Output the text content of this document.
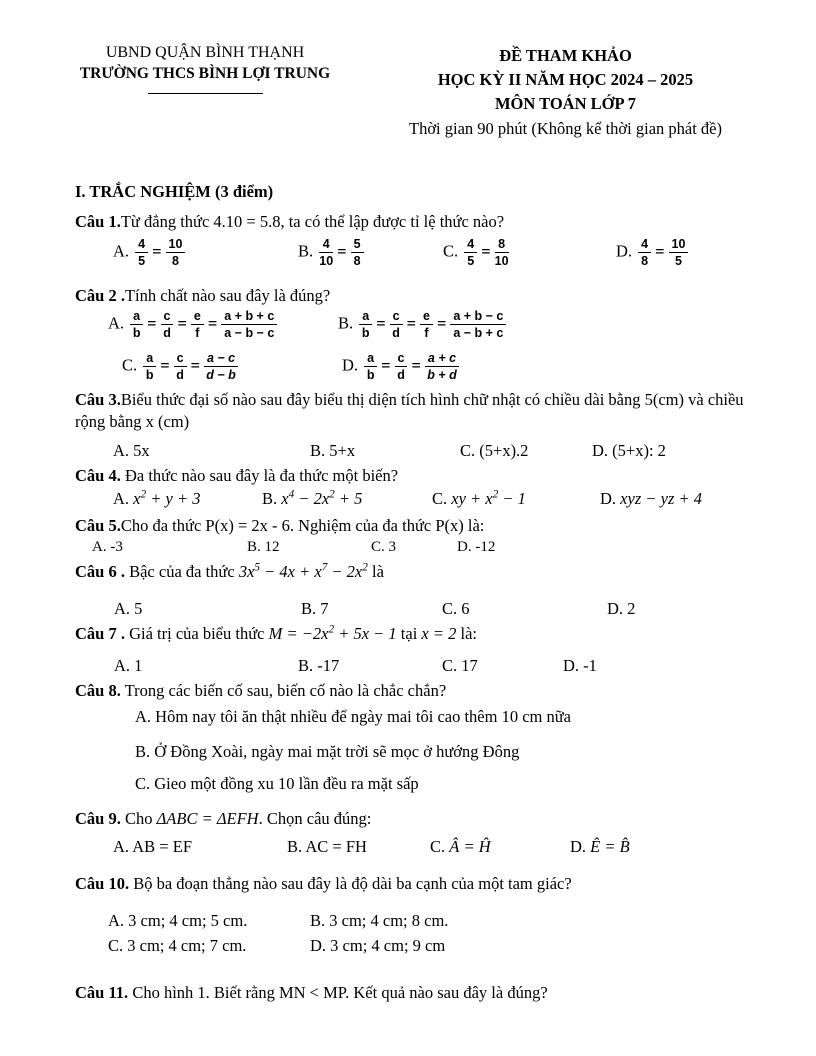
UBND QUẬN BÌNH THẠNH
TRƯỜNG THCS BÌNH LỢI TRUNG
ĐỀ THAM KHẢO
HỌC KỲ II NĂM HỌC 2024 – 2025
MÔN TOÁN LỚP 7
Thời gian 90 phút (Không kể thời gian phát đề)
I. TRẮC NGHIỆM (3 điểm)

Câu 1.Từ đẳng thức 4.10 = 5.8, ta có thể lập được tỉ lệ thức nào?

A. $\frac{4}{5} = \frac{10}{8}$	B. $\frac{4}{10} = \frac{5}{8}$	C. $\frac{4}{5} = \frac{8}{10}$	D. $\frac{4}{8} = \frac{10}{5}$

Câu 2 .Tính chất nào sau đây là đúng?

A. $\frac{a}{b} = \frac{c}{d} = \frac{e}{f} = \frac{a + b + c}{a - b - c}$	B. $\frac{a}{b} = \frac{c}{d} = \frac{e}{f} = \frac{a + b - c}{a - b + c}$
C. $\frac{a}{b} = \frac{c}{d} = \frac{a - c}{d - b}$	D. $\frac{a}{b} = \frac{c}{d} = \frac{a + c}{b + d}$

Câu 3.Biểu thức đại số nào sau đây biểu thị diện tích hình chữ nhật có chiều dài bằng 5(cm) và chiều rộng bằng x (cm)

A. 5x	B. 5+x	C. (5+x).2	D. (5+x): 2

Câu 4. Đa thức nào sau đây là đa thức một biến?

A. $x^2 + y + 3$	B. $x^4 - 2x^2 + 5$	C. xy + $x^2 - 1$	D. xyz − yz + 4

Câu 5.Cho đa thức P(x) = 2x - 6. Nghiệm của đa thức P(x) là:

A. -3	B. 12	C. 3	D. -12

Câu 6 . Bậc của đa thức $3x^5 - 4x + x^7 - 2x^2$ là

A. 5	B. 7	C. 6	D. 2

Câu 7 . Giá trị của biểu thức $M = -2x^2 + 5x - 1$ tại x = 2 là:

A. 1	B. -17	C. 17	D. -1

Câu 8. Trong các biến cố sau, biến cố nào là chắc chắn?

A. Hôm nay tôi ăn thật nhiều để ngày mai tôi cao thêm 10 cm nữa

B. Ở Đồng Xoài, ngày mai mặt trời sẽ mọc ở hướng Đông

C. Gieo một đồng xu 10 lần đều ra mặt sấp

Câu 9. Cho ΔABC = ΔEFH. Chọn câu đúng:

A. AB = EF	B. AC = FH	C. Â = Ĥ	D. Ê = B̂

Câu 10. Bộ ba đoạn thẳng nào sau đây là độ dài ba cạnh của một tam giác?

A. 3 cm; 4 cm; 5 cm.	B. 3 cm; 4 cm; 8 cm.
C. 3 cm; 4 cm; 7 cm.	D. 3 cm; 4 cm; 9 cm

Câu 11. Cho hình 1. Biết rằng MN < MP. Kết quả nào sau đây là đúng?
